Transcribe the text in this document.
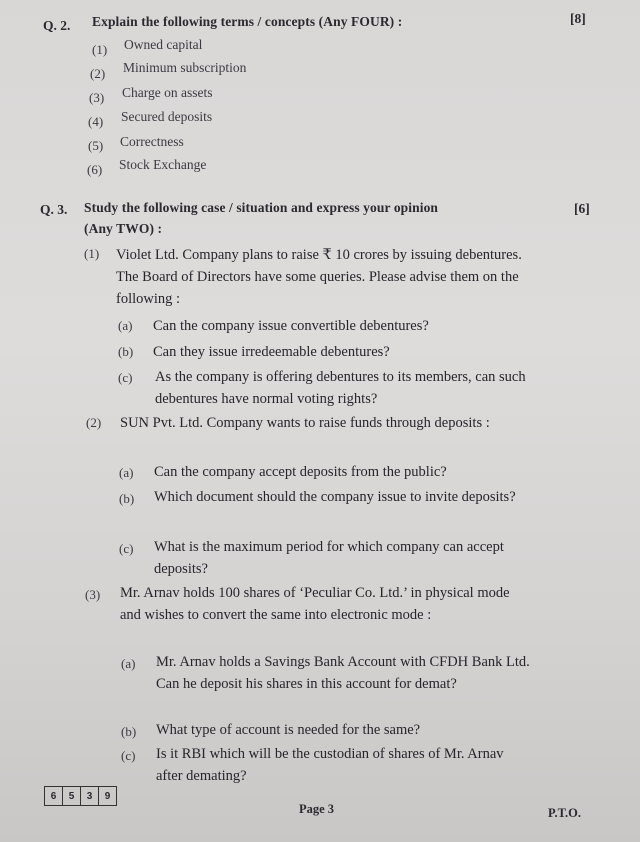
Q. 2. Explain the following terms / concepts (Any FOUR) :	[8]
(1) Owned capital
(2) Minimum subscription
(3) Charge on assets
(4) Secured deposits
(5) Correctness
(6) Stock Exchange
Q. 3. Study the following case / situation and express your opinion
(Any TWO) :
[6]
(1) Violet Ltd. Company plans to raise ₹ 10 crores by issuing debentures. The Board of Directors have some queries. Please advise them on the following :
(a) Can the company issue convertible debentures?
(b) Can they issue irredeemable debentures?
(c) As the company is offering debentures to its members, can such debentures have normal voting rights?
(2) SUN Pvt. Ltd. Company wants to raise funds through deposits :
(a) Can the company accept deposits from the public?
(b) Which document should the company issue to invite deposits?
(c) What is the maximum period for which company can accept deposits?
(3) Mr. Arnav holds 100 shares of ‘Peculiar Co. Ltd.’ in physical mode and wishes to convert the same into electronic mode :
(a) Mr. Arnav holds a Savings Bank Account with CFDH Bank Ltd. Can he deposit his shares in this account for demat?
(b) What type of account is needed for the same?
(c) Is it RBI which will be the custodian of shares of Mr. Arnav after demating?
6	5	3	9
Page 3	P.T.O.
